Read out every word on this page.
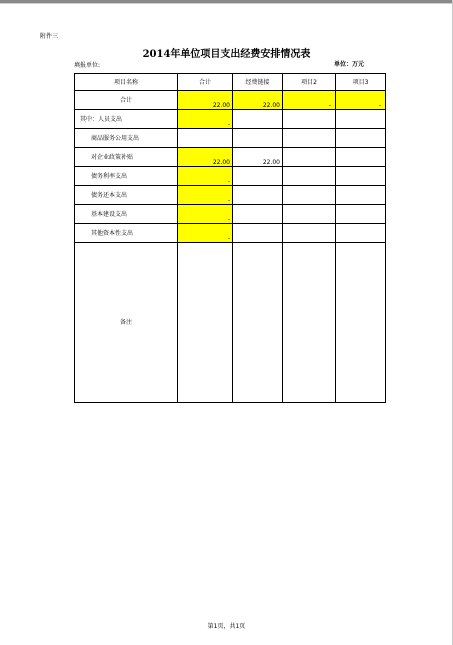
附件三
2014年单位项目支出经费安排情况表
填报单位:	单位：万元
项目名称	合计	经费链接	项目2	项目3
合计	22.00	22.00	-	-
其中：人员支出	-			
商品服务公用支出				
对企业政策补贴	22.00	22.00		
债务利率支出	-			
债务还本支出	-			
基本建设支出	-			
其他资本性支出	-			
备注				
第1页，共1页
